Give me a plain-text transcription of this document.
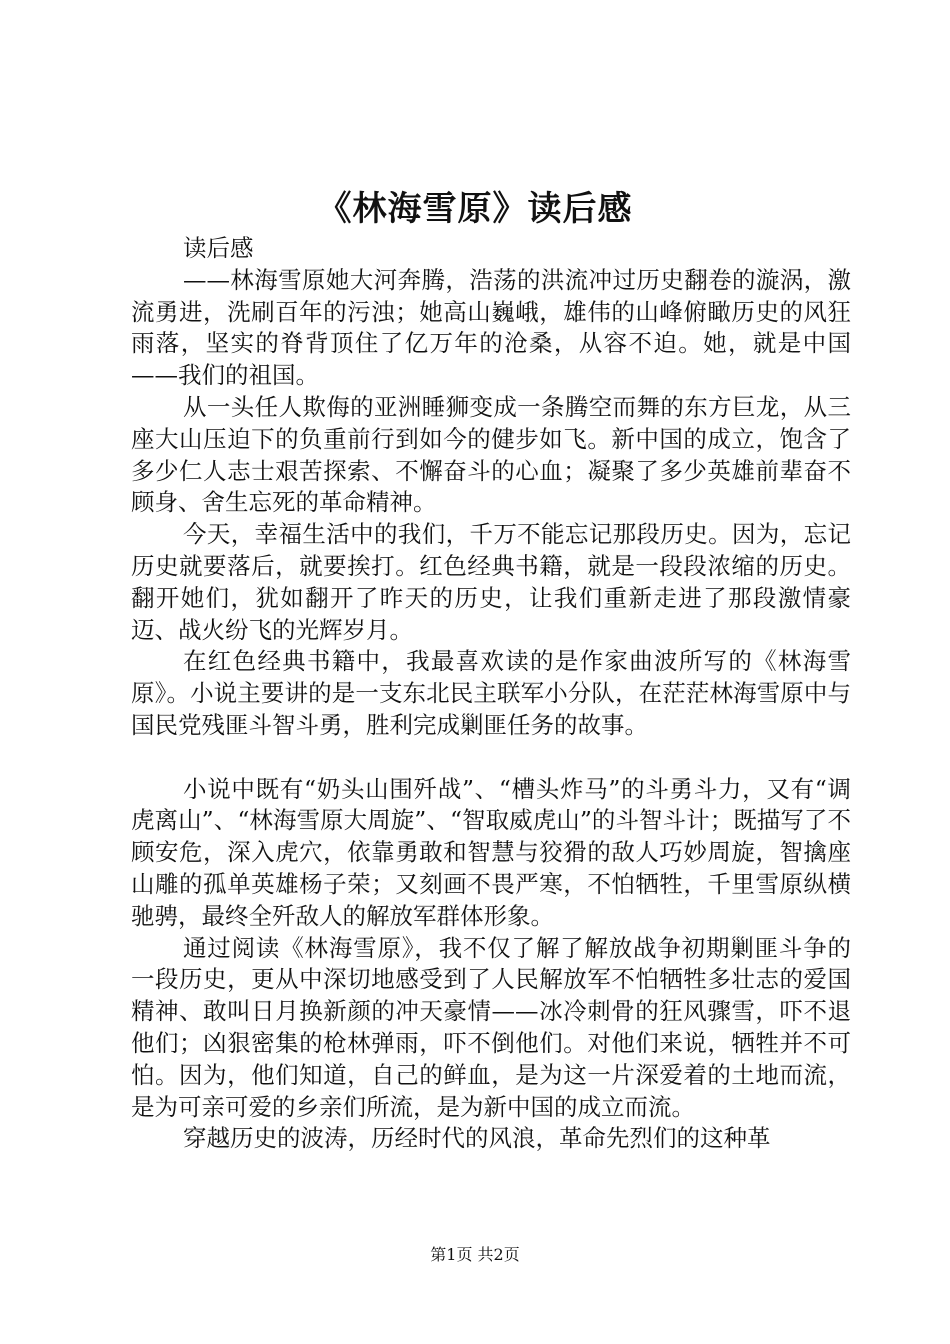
《林海雪原》读后感

读后感

——林海雪原她大河奔腾，浩荡的洪流冲过历史翻卷的漩涡，激流勇进，洗刷百年的污浊；她高山巍峨，雄伟的山峰俯瞰历史的风狂雨落，坚实的脊背顶住了亿万年的沧桑，从容不迫。她，就是中国——我们的祖国。

从一头任人欺侮的亚洲睡狮变成一条腾空而舞的东方巨龙，从三座大山压迫下的负重前行到如今的健步如飞。新中国的成立，饱含了多少仁人志士艰苦探索、不懈奋斗的心血；凝聚了多少英雄前辈奋不顾身、舍生忘死的革命精神。

今天，幸福生活中的我们，千万不能忘记那段历史。因为，忘记历史就要落后，就要挨打。红色经典书籍，就是一段段浓缩的历史。翻开她们，犹如翻开了昨天的历史，让我们重新走进了那段激情豪迈、战火纷飞的光辉岁月。

在红色经典书籍中，我最喜欢读的是作家曲波所写的《林海雪原》。小说主要讲的是一支东北民主联军小分队，在茫茫林海雪原中与国民党残匪斗智斗勇，胜利完成剿匪任务的故事。

小说中既有“奶头山围歼战”、“槽头炸马”的斗勇斗力，又有“调虎离山”、“林海雪原大周旋”、“智取威虎山”的斗智斗计；既描写了不顾安危，深入虎穴，依靠勇敢和智慧与狡猾的敌人巧妙周旋，智擒座山雕的孤单英雄杨子荣；又刻画不畏严寒，不怕牺牲，千里雪原纵横驰骋，最终全歼敌人的解放军群体形象。

通过阅读《林海雪原》，我不仅了解了解放战争初期剿匪斗争的一段历史，更从中深切地感受到了人民解放军不怕牺牲多壮志的爱国精神、敢叫日月换新颜的冲天豪情——冰冷刺骨的狂风骤雪，吓不退他们；凶狠密集的枪林弹雨，吓不倒他们。对他们来说，牺牲并不可怕。因为，他们知道，自己的鲜血，是为这一片深爱着的土地而流，是为可亲可爱的乡亲们所流，是为新中国的成立而流。

穿越历史的波涛，历经时代的风浪，革命先烈们的这种革

第1页 共2页
